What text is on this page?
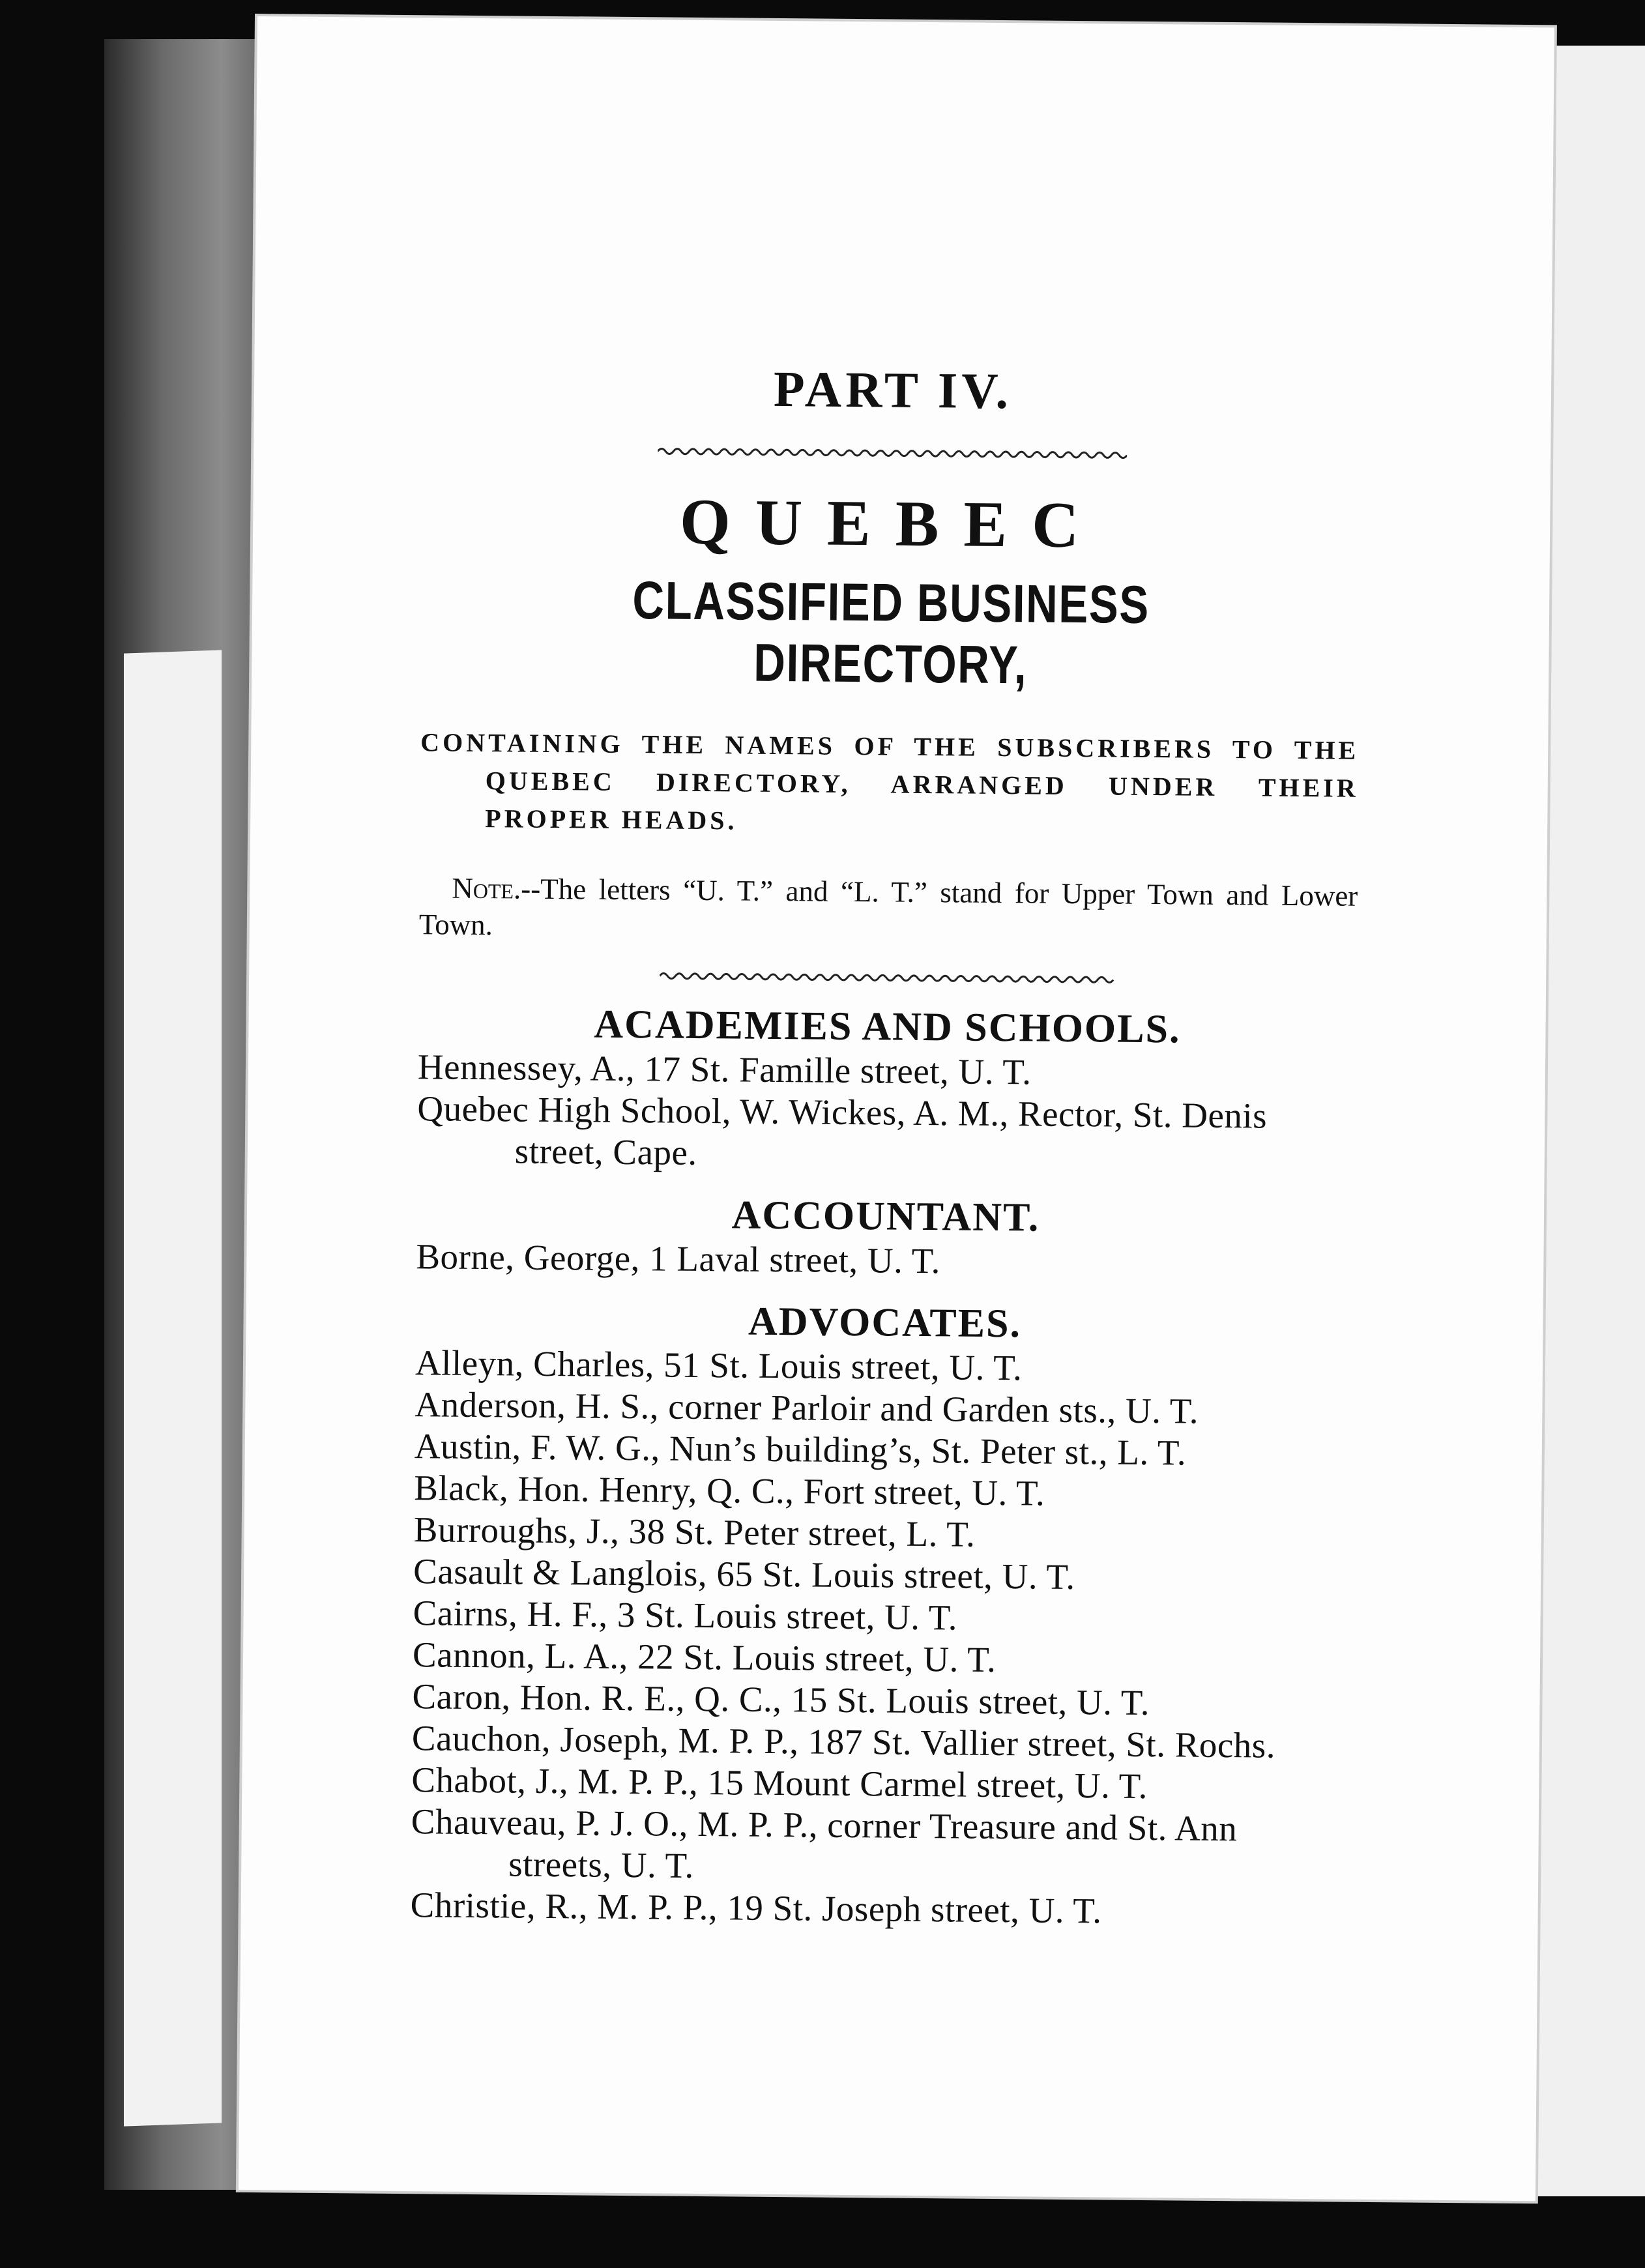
PART IV.
QUEBEC
CLASSIFIED BUSINESS DIRECTORY,

CONTAINING THE NAMES OF THE SUBSCRIBERS TO THE QUEBEC DIRECTORY, ARRANGED UNDER THEIR PROPER HEADS.

Note.--The letters “U. T.” and “L. T.” stand for Upper Town and Lower Town.

ACADEMIES AND SCHOOLS.
Hennessey, A., 17 St. Famille street, U. T.
Quebec High School, W. Wickes, A. M., Rector, St. Denis street, Cape.
ACCOUNTANT.
Borne, George, 1 Laval street, U. T.
ADVOCATES.
Alleyn, Charles, 51 St. Louis street, U. T.
Anderson, H. S., corner Parloir and Garden sts., U. T.
Austin, F. W. G., Nun’s building’s, St. Peter st., L. T.
Black, Hon. Henry, Q. C., Fort street, U. T.
Burroughs, J., 38 St. Peter street, L. T.
Casault & Langlois, 65 St. Louis street, U. T.
Cairns, H. F., 3 St. Louis street, U. T.
Cannon, L. A., 22 St. Louis street, U. T.
Caron, Hon. R. E., Q. C., 15 St. Louis street, U. T.
Cauchon, Joseph, M. P. P., 187 St. Vallier street, St. Rochs.
Chabot, J., M. P. P., 15 Mount Carmel street, U. T.
Chauveau, P. J. O., M. P. P., corner Treasure and St. Ann streets, U. T.
Christie, R., M. P. P., 19 St. Joseph street, U. T.
